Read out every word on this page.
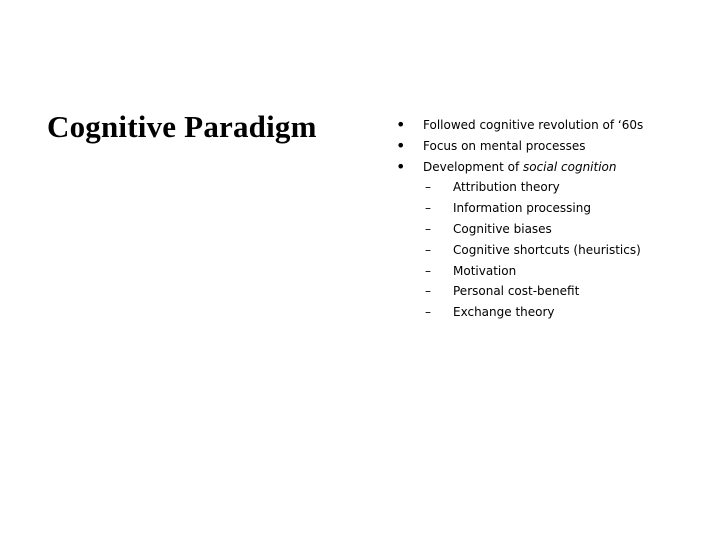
Cognitive Paradigm	• Followed cognitive revolution of ‘60s
• Focus on mental processes
• Development of social cognition
– Attribution theory
– Information processing
– Cognitive biases
– Cognitive shortcuts (heuristics)
– Motivation
– Personal cost-benefit
– Exchange theory
